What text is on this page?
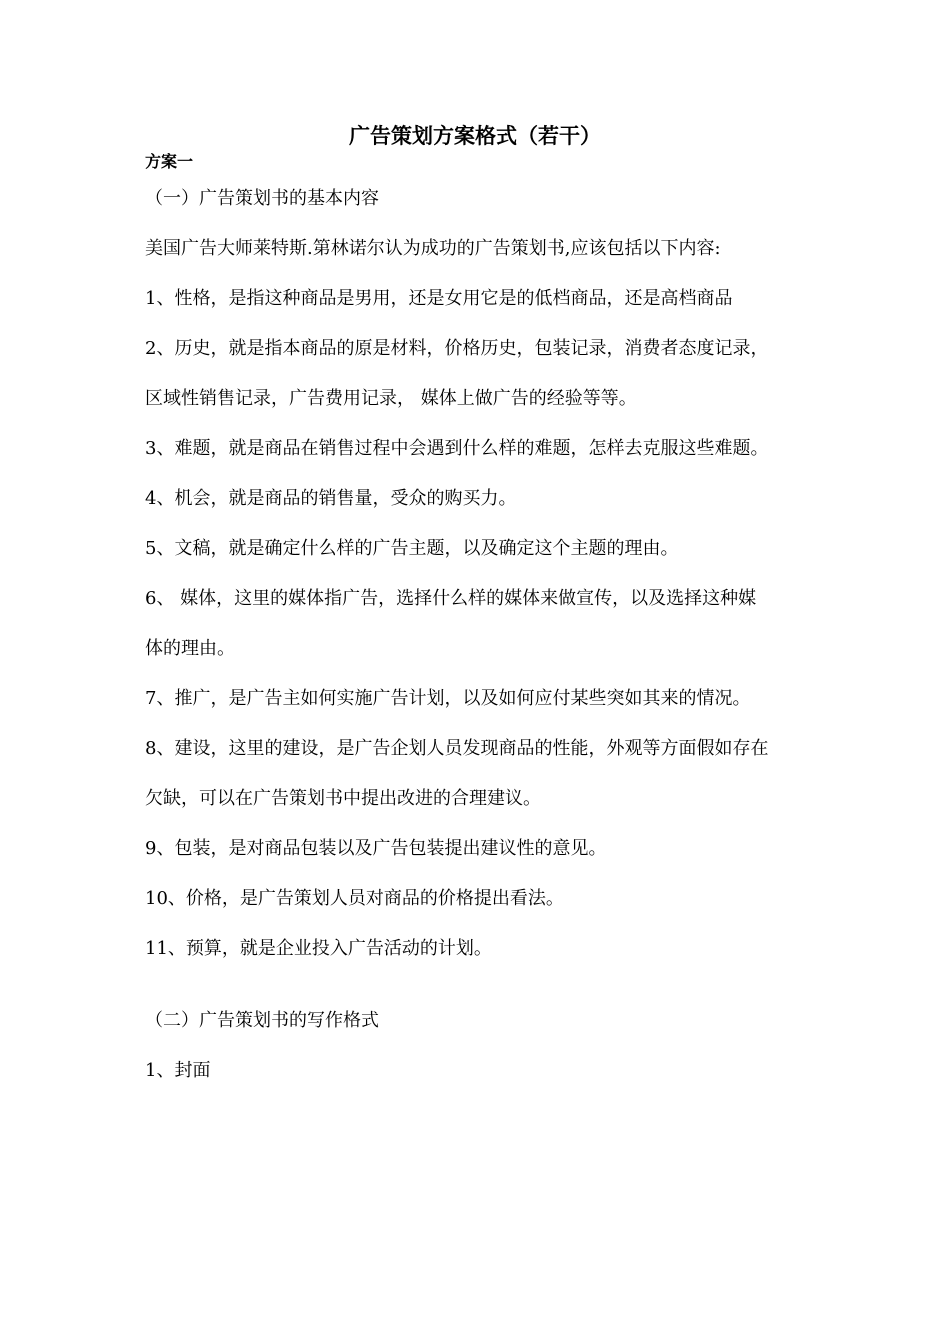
广告策划方案格式（若干）
方案一
（一）广告策划书的基本内容
美国广告大师莱特斯.第林诺尔认为成功的广告策划书,应该包括以下内容:
1、性格，是指这种商品是男用，还是女用它是的低档商品，还是高档商品
2、历史，就是指本商品的原是材料，价格历史，包装记录，消费者态度记录，
区域性销售记录，广告费用记录， 媒体上做广告的经验等等。
3、难题，就是商品在销售过程中会遇到什么样的难题，怎样去克服这些难题。
4、机会，就是商品的销售量，受众的购买力。
5、文稿，就是确定什么样的广告主题，以及确定这个主题的理由。
6、 媒体，这里的媒体指广告，选择什么样的媒体来做宣传，以及选择这种媒
体的理由。
7、推广，是广告主如何实施广告计划，以及如何应付某些突如其来的情况。
8、建设，这里的建设，是广告企划人员发现商品的性能，外观等方面假如存在
欠缺，可以在广告策划书中提出改进的合理建议。
9、包装，是对商品包装以及广告包装提出建议性的意见。
10、价格，是广告策划人员对商品的价格提出看法。
11、预算，就是企业投入广告活动的计划。
（二）广告策划书的写作格式
1、封面
